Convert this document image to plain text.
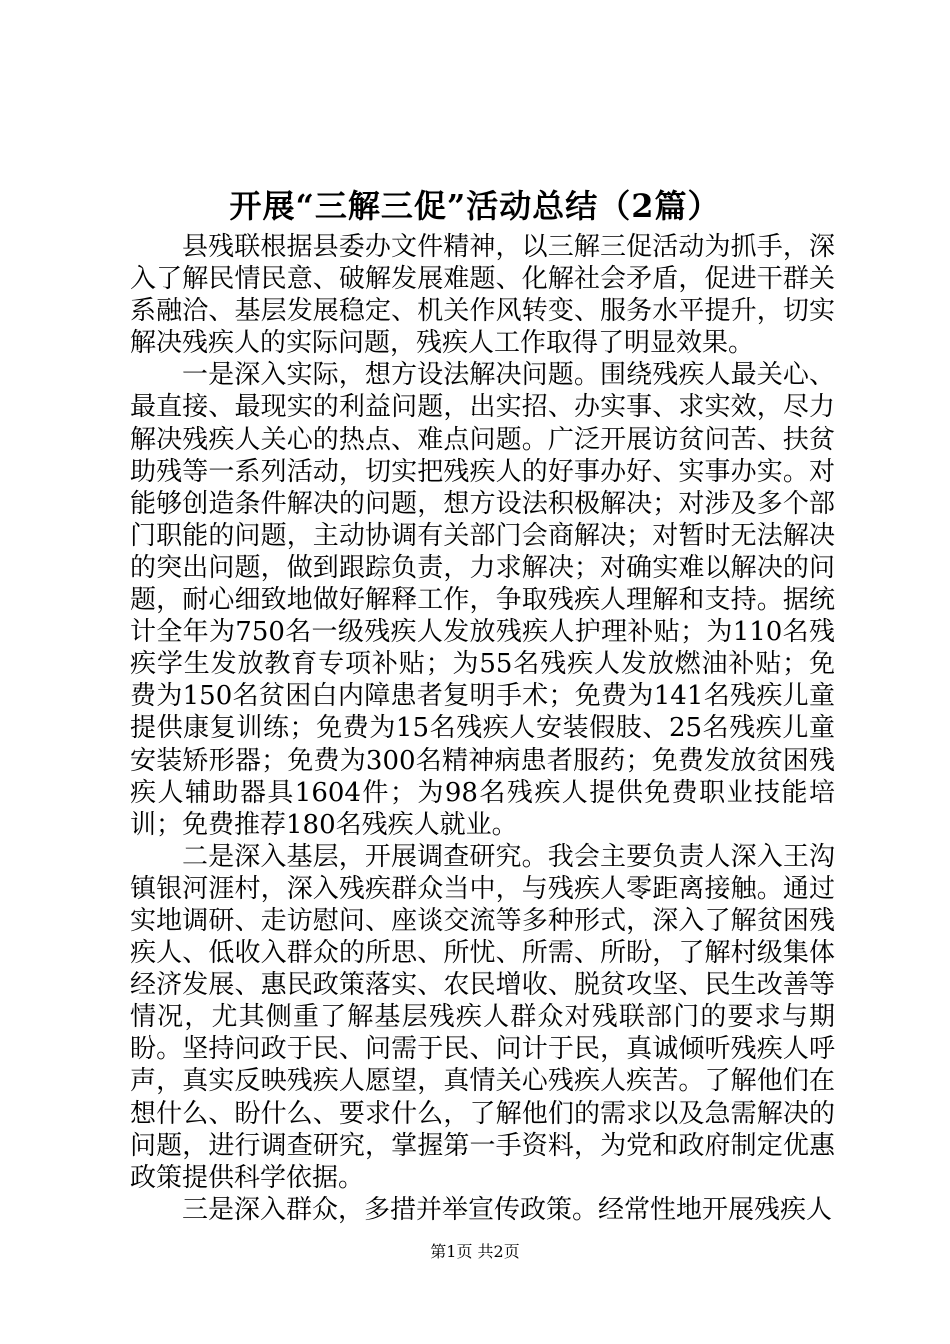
开展“三解三促”活动总结（2篇）

县残联根据县委办文件精神，以三解三促活动为抓手，深入了解民情民意、破解发展难题、化解社会矛盾，促进干群关系融洽、基层发展稳定、机关作风转变、服务水平提升，切实解决残疾人的实际问题，残疾人工作取得了明显效果。

一是深入实际，想方设法解决问题。围绕残疾人最关心、最直接、最现实的利益问题，出实招、办实事、求实效，尽力解决残疾人关心的热点、难点问题。广泛开展访贫问苦、扶贫助残等一系列活动，切实把残疾人的好事办好、实事办实。对能够创造条件解决的问题，想方设法积极解决；对涉及多个部门职能的问题，主动协调有关部门会商解决；对暂时无法解决的突出问题，做到跟踪负责，力求解决；对确实难以解决的问题，耐心细致地做好解释工作，争取残疾人理解和支持。据统计全年为750名一级残疾人发放残疾人护理补贴；为110名残疾学生发放教育专项补贴；为55名残疾人发放燃油补贴；免费为150名贫困白内障患者复明手术；免费为141名残疾儿童提供康复训练；免费为15名残疾人安装假肢、25名残疾儿童安装矫形器；免费为300名精神病患者服药；免费发放贫困残疾人辅助器具1604件；为98名残疾人提供免费职业技能培训；免费推荐180名残疾人就业。

二是深入基层，开展调查研究。我会主要负责人深入王沟镇银河涯村，深入残疾群众当中，与残疾人零距离接触。通过实地调研、走访慰问、座谈交流等多种形式，深入了解贫困残疾人、低收入群众的所思、所忧、所需、所盼，了解村级集体经济发展、惠民政策落实、农民增收、脱贫攻坚、民生改善等情况，尤其侧重了解基层残疾人群众对残联部门的要求与期盼。坚持问政于民、问需于民、问计于民，真诚倾听残疾人呼声，真实反映残疾人愿望，真情关心残疾人疾苦。了解他们在想什么、盼什么、要求什么，了解他们的需求以及急需解决的问题，进行调查研究，掌握第一手资料，为党和政府制定优惠政策提供科学依据。

三是深入群众，多措并举宣传政策。经常性地开展残疾人

第1页 共2页
